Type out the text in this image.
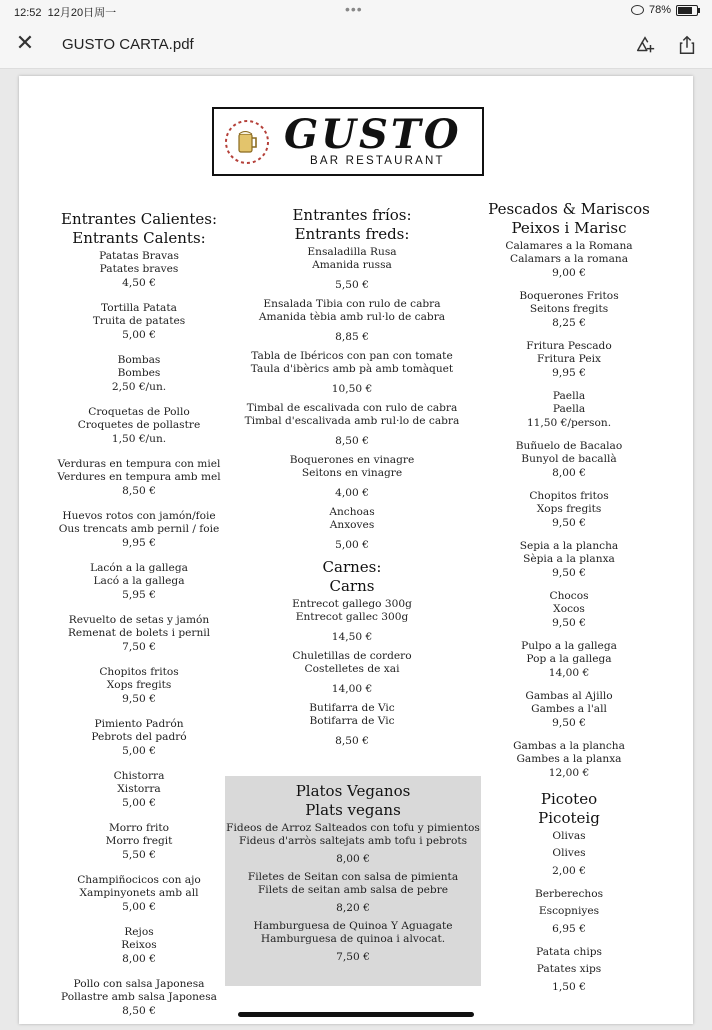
12:52 12月20日周一	•••	78%
✕ GUSTO CARTA.pdf
GUSTO
BAR RESTAURANT
Entrantes Calientes:
Entrants Calents:
Patatas Bravas
Patates braves
4,50 €
Tortilla Patata
Truita de patates
5,00 €
Bombas
Bombes
2,50 €/un.
Croquetas de Pollo
Croquetes de pollastre
1,50 €/un.
Verduras en tempura con miel
Verdures en tempura amb mel
8,50 €
Huevos rotos con jamón/foie
Ous trencats amb pernil / foie
9,95 €
Lacón a la gallega
Lacó a la gallega
5,95 €
Revuelto de setas y jamón
Remenat de bolets i pernil
7,50 €
Chopitos fritos
Xops fregits
9,50 €
Pimiento Padrón
Pebrots del padró
5,00 €
Chistorra
Xistorra
5,00 €
Morro frito
Morro fregit
5,50 €
Champiñocicos con ajo
Xampinyonets amb all
5,00 €
Rejos
Reixos
8,00 €
Pollo con salsa Japonesa
Pollastre amb salsa Japonesa
8,50 €
Entrantes fríos:
Entrants freds:
Ensaladilla Rusa
Amanida russa
5,50 €
Ensalada Tibia con rulo de cabra
Amanida tèbia amb rul·lo de cabra
8,85 €
Tabla de Ibéricos con pan con tomate
Taula d'ibèrics amb pà amb tomàquet
10,50 €
Timbal de escalivada con rulo de cabra
Timbal d'escalivada amb rul·lo de cabra
8,50 €
Boquerones en vinagre
Seitons en vinagre
4,00 €
Anchoas
Anxoves
5,00 €
Carnes:
Carns
Entrecot gallego 300g
Entrecot gallec 300g
14,50 €
Chuletillas de cordero
Costelletes de xai
14,00 €
Butifarra de Vic
Botifarra de Vic
8,50 €
Platos Veganos
Plats vegans
Fideos de Arroz Salteados con tofu y pimientos
Fideus d'arròs saltejats amb tofu i pebrots
8,00 €
Filetes de Seitan con salsa de pimienta
Filets de seitan amb salsa de pebre
8,20 €
Hamburguesa de Quinoa Y Aguagate
Hamburguesa de quinoa i alvocat.
7,50 €
Pescados & Mariscos
Peixos i Marisc
Calamares a la Romana
Calamars a la romana
9,00 €
Boquerones Fritos
Seitons fregits
8,25 €
Fritura Pescado
Fritura Peix
9,95 €
Paella
Paella
11,50 €/person.
Buñuelo de Bacalao
Bunyol de bacallà
8,00 €
Chopitos fritos
Xops fregits
9,50 €
Sepia a la plancha
Sèpia a la planxa
9,50 €
Chocos
Xocos
9,50 €
Pulpo a la gallega
Pop a la gallega
14,00 €
Gambas al Ajillo
Gambes a l'all
9,50 €
Gambas a la plancha
Gambes a la planxa
12,00 €
Picoteo
Picoteig
Olivas
Olives
2,00 €
Berberechos
Escopniyes
6,95 €
Patata chips
Patates xips
1,50 €
